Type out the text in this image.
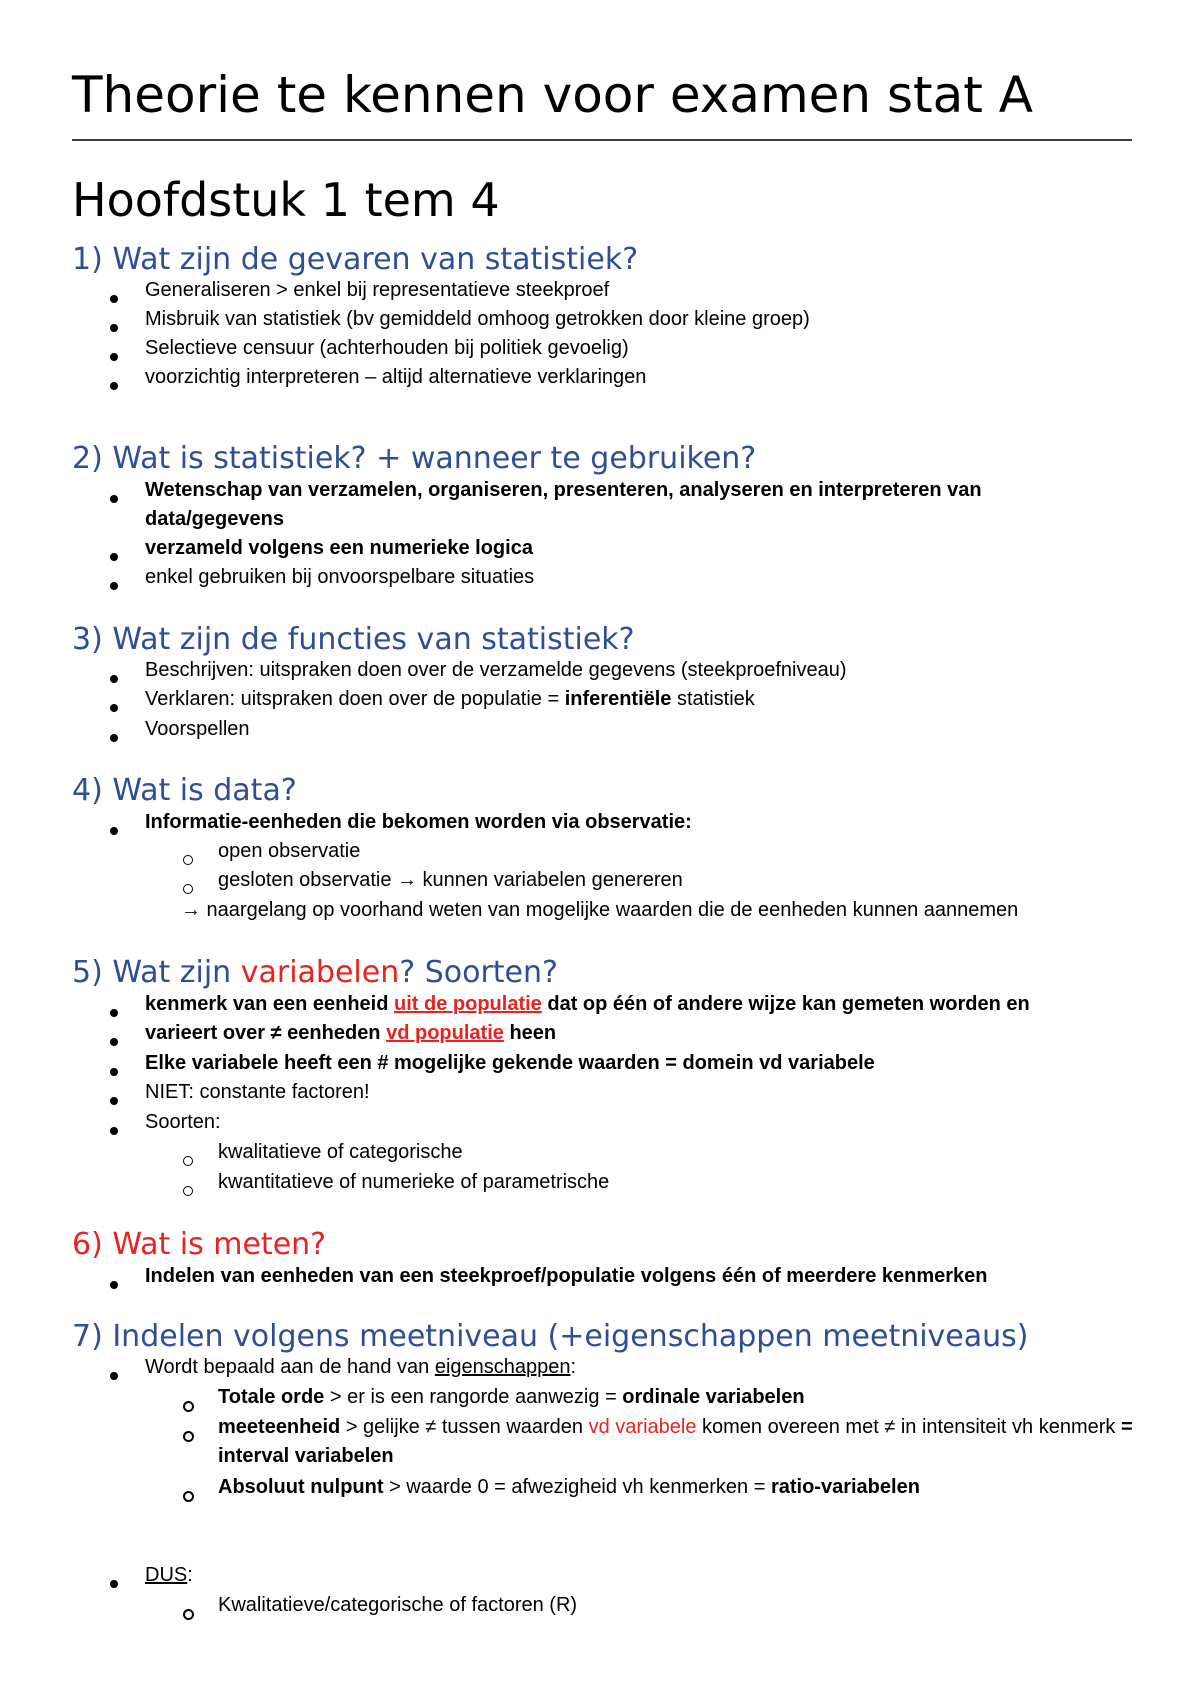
Theorie te kennen voor examen stat A
Hoofdstuk 1 tem 4
1) Wat zijn de gevaren van statistiek?
Generaliseren > enkel bij representatieve steekproef
Misbruik van statistiek (bv gemiddeld omhoog getrokken door kleine groep)
Selectieve censuur (achterhouden bij politiek gevoelig)
voorzichtig interpreteren – altijd alternatieve verklaringen
2) Wat is statistiek? + wanneer te gebruiken?
Wetenschap van verzamelen, organiseren, presenteren, analyseren en interpreteren van data/gegevens
verzameld volgens een numerieke logica
enkel gebruiken bij onvoorspelbare situaties
3) Wat zijn de functies van statistiek?
Beschrijven: uitspraken doen over de verzamelde gegevens (steekproefniveau)
Verklaren: uitspraken doen over de populatie = inferentiële statistiek
Voorspellen
4) Wat is data?
Informatie-eenheden die bekomen worden via observatie:
open observatie
gesloten observatie → kunnen variabelen genereren
→ naargelang op voorhand weten van mogelijke waarden die de eenheden kunnen aannemen
5) Wat zijn variabelen? Soorten?
kenmerk van een eenheid uit de populatie dat op één of andere wijze kan gemeten worden en
varieert over ≠ eenheden vd populatie heen
Elke variabele heeft een # mogelijke gekende waarden = domein vd variabele
NIET: constante factoren!
Soorten:
kwalitatieve of categorische
kwantitatieve of numerieke of parametrische
6) Wat is meten?
Indelen van eenheden van een steekproef/populatie volgens één of meerdere kenmerken
7) Indelen volgens meetniveau (+eigenschappen meetniveaus)
Wordt bepaald aan de hand van eigenschappen:
Totale orde > er is een rangorde aanwezig = ordinale variabelen
meeteenheid > gelijke ≠ tussen waarden vd variabele komen overeen met ≠ in intensiteit vh kenmerk = interval variabelen
Absoluut nulpunt > waarde 0 = afwezigheid vh kenmerken = ratio-variabelen
DUS:
Kwalitatieve/categorische of factoren (R)
